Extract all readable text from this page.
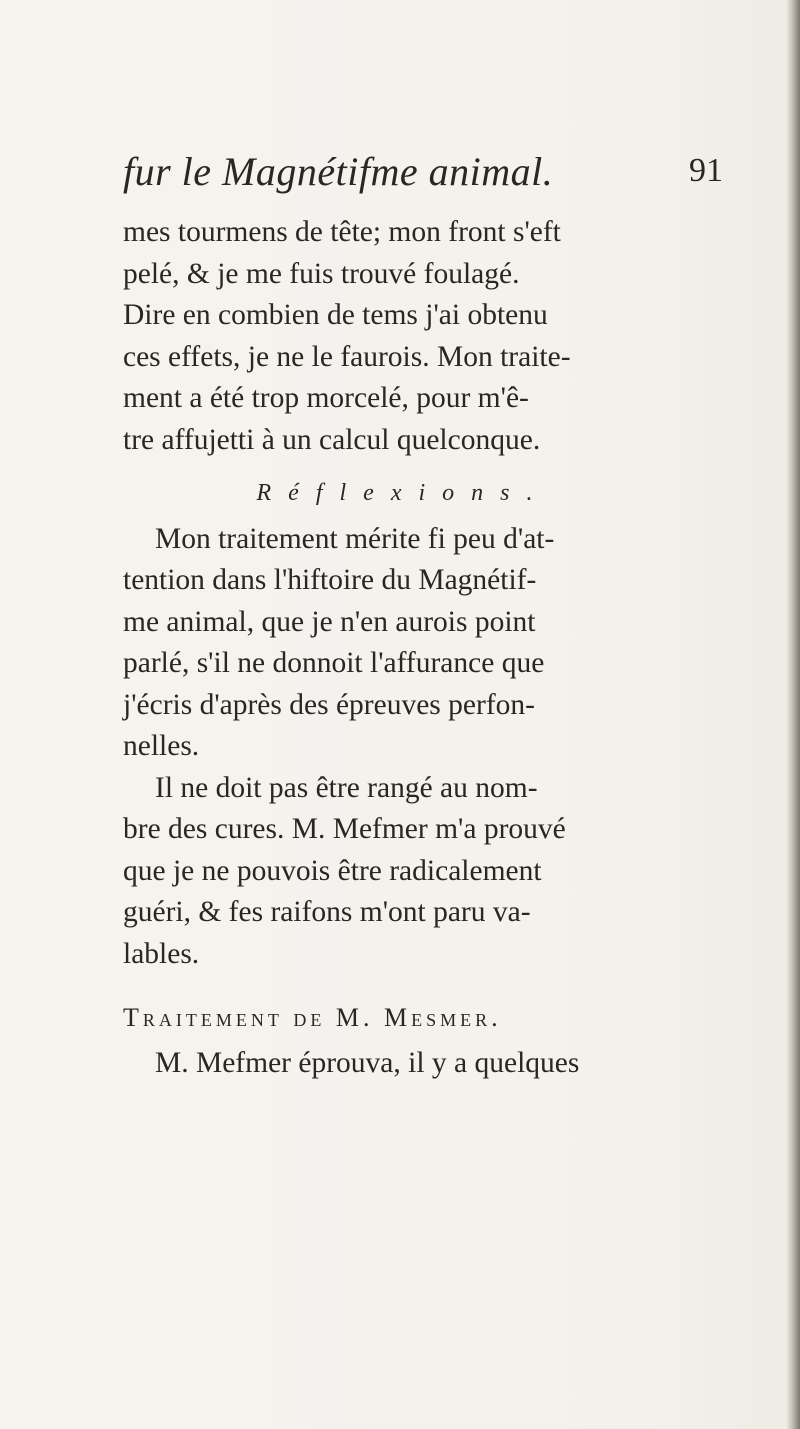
fur le Magnétifme animal.	91
mes tourmens de tête; mon front s'eft
pelé, & je me fuis trouvé foulagé.
Dire en combien de tems j'ai obtenu
ces effets, je ne le faurois. Mon traite-
ment a été trop morcelé, pour m'ê-
tre affujetti à un calcul quelconque.
Réflexions.
Mon traitement mérite fi peu d'at-
tention dans l'hiftoire du Magnétif-
me animal, que je n'en aurois point
parlé, s'il ne donnoit l'affurance que
j'écris d'après des épreuves perfon-
nelles.
Il ne doit pas être rangé au nom-
bre des cures. M. Mefmer m'a prouvé
que je ne pouvois être radicalement
guéri, & fes raifons m'ont paru va-
lables.
Traitement de M. Mesmer.
M. Mefmer éprouva, il y a quelques
